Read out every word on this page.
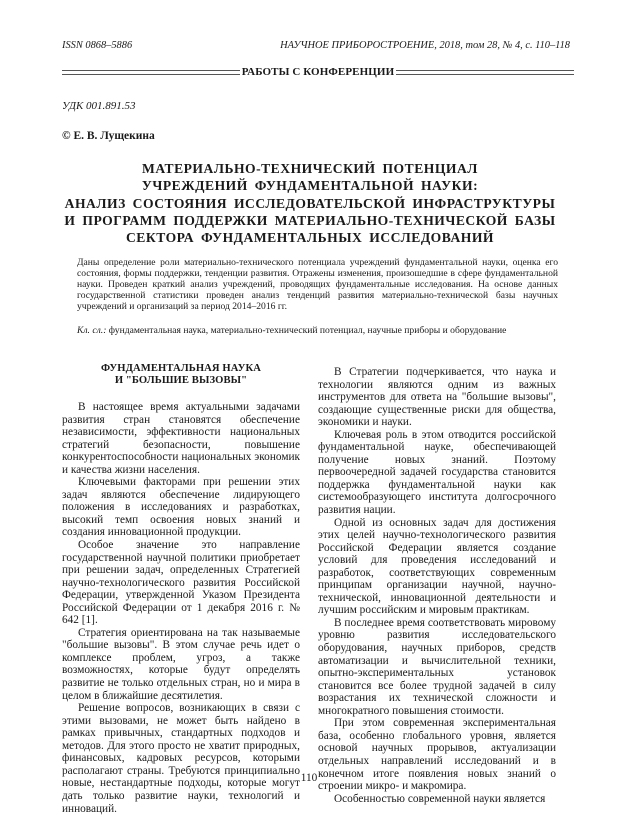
ISSN 0868–5886	НАУЧНОЕ ПРИБОРОСТРОЕНИЕ, 2018, том 28, № 4, с. 110–118
РАБОТЫ С КОНФЕРЕНЦИИ
УДК 001.891.53
© Е. В. Лущекина
МАТЕРИАЛЬНО-ТЕХНИЧЕСКИЙ ПОТЕНЦИАЛ
УЧРЕЖДЕНИЙ ФУНДАМЕНТАЛЬНОЙ НАУКИ:
АНАЛИЗ СОСТОЯНИЯ ИССЛЕДОВАТЕЛЬСКОЙ ИНФРАСТРУКТУРЫ
И ПРОГРАММ ПОДДЕРЖКИ МАТЕРИАЛЬНО-ТЕХНИЧЕСКОЙ БАЗЫ
СЕКТОРА ФУНДАМЕНТАЛЬНЫХ ИССЛЕДОВАНИЙ
Даны определение роли материально-технического потенциала учреждений фундаментальной науки, оценка его состояния, формы поддержки, тенденции развития. Отражены изменения, произошедшие в сфере фундаментальной науки. Проведен краткий анализ учреждений, проводящих фундаментальные исследования. На основе данных государственной статистики проведен анализ тенденций развития материально-технической базы научных учреждений и организаций за период 2014–2016 гг.
Кл. сл.: фундаментальная наука, материально-технический потенциал, научные приборы и оборудование
ФУНДАМЕНТАЛЬНАЯ НАУКА
И "БОЛЬШИЕ ВЫЗОВЫ"

В настоящее время актуальными задачами развития стран становятся обеспечение независимости, эффективности национальных стратегий безопасности, повышение конкурентоспособности национальных экономик и качества жизни населения.

Ключевыми факторами при решении этих задач являются обеспечение лидирующего положения в исследованиях и разработках, высокий темп освоения новых знаний и создания инновационной продукции.

Особое значение это направление государственной научной политики приобретает при решении задач, определенных Стратегией научно-технологического развития Российской Федерации, утвержденной Указом Президента Российской Федерации от 1 декабря 2016 г. № 642 [1].

Стратегия ориентирована на так называемые "большие вызовы". В этом случае речь идет о комплексе проблем, угроз, а также возможностях, которые будут определять развитие не только отдельных стран, но и мира в целом в ближайшие десятилетия.

Решение вопросов, возникающих в связи с этими вызовами, не может быть найдено в рамках привычных, стандартных подходов и методов. Для этого просто не хватит природных, финансовых, кадровых ресурсов, которыми располагают страны. Требуются принципиально новые, нестандартные подходы, которые могут дать только развитие науки, технологий и инноваций.

В Стратегии подчеркивается, что наука и технологии являются одним из важных инструментов для ответа на "большие вызовы", создающие существенные риски для общества, экономики и науки.

Ключевая роль в этом отводится российской фундаментальной науке, обеспечивающей получение новых знаний. Поэтому первоочередной задачей государства становится поддержка фундаментальной науки как системообразующего института долгосрочного развития нации.

Одной из основных задач для достижения этих целей научно-технологического развития Российской Федерации является создание условий для проведения исследований и разработок, соответствующих современным принципам организации научной, научно-технической, инновационной деятельности и лучшим российским и мировым практикам.

В последнее время соответствовать мировому уровню развития исследовательского оборудования, научных приборов, средств автоматизации и вычислительной техники, опытно-экспериментальных установок становится все более трудной задачей в силу возрастания их технической сложности и многократного повышения стоимости.

При этом современная экспериментальная база, особенно глобального уровня, является основой научных прорывов, актуализации отдельных направлений исследований и в конечном итоге появления новых знаний о строении микро- и макромира.

Особенностью современной науки является

110
